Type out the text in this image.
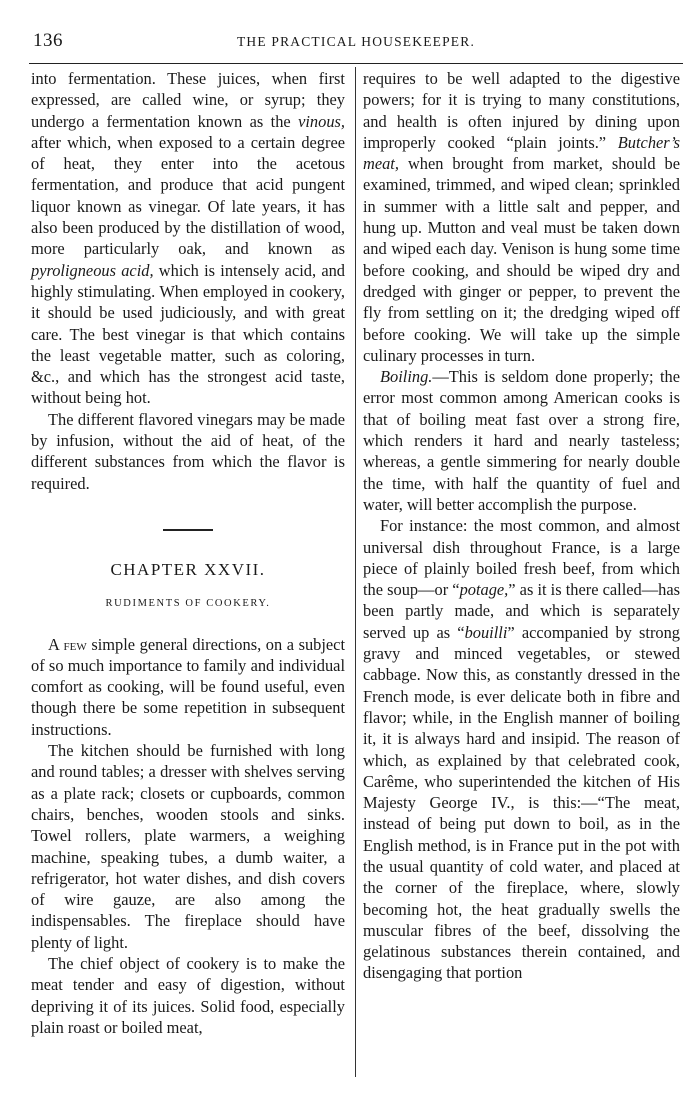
136	THE PRACTICAL HOUSEKEEPER.

into fermentation. These juices, when first expressed, are called wine, or syrup; they undergo a fermentation known as the vinous, after which, when exposed to a certain degree of heat, they enter into the acetous fermentation, and produce that acid pungent liquor known as vinegar. Of late years, it has also been produced by the distillation of wood, more particularly oak, and known as pyroligneous acid, which is intensely acid, and highly stimulating. When employed in cookery, it should be used judiciously, and with great care. The best vinegar is that which contains the least vegetable matter, such as coloring, &c., and which has the strongest acid taste, without being hot.

The different flavored vinegars may be made by infusion, without the aid of heat, of the different substances from which the flavor is required.

CHAPTER XXVII.
RUDIMENTS OF COOKERY.

A few simple general directions, on a subject of so much importance to family and individual comfort as cooking, will be found useful, even though there be some repetition in subsequent instructions.

The kitchen should be furnished with long and round tables; a dresser with shelves serving as a plate rack; closets or cupboards, common chairs, benches, wooden stools and sinks. Towel rollers, plate warmers, a weighing machine, speaking tubes, a dumb waiter, a refrigerator, hot water dishes, and dish covers of wire gauze, are also among the indispensables. The fireplace should have plenty of light.

The chief object of cookery is to make the meat tender and easy of digestion, without depriving it of its juices. Solid food, especially plain roast or boiled meat,

requires to be well adapted to the digestive powers; for it is trying to many constitutions, and health is often injured by dining upon improperly cooked “plain joints.” Butcher’s meat, when brought from market, should be examined, trimmed, and wiped clean; sprinkled in summer with a little salt and pepper, and hung up. Mutton and veal must be taken down and wiped each day. Venison is hung some time before cooking, and should be wiped dry and dredged with ginger or pepper, to prevent the fly from settling on it; the dredging wiped off before cooking. We will take up the simple culinary processes in turn.

Boiling.—This is seldom done properly; the error most common among American cooks is that of boiling meat fast over a strong fire, which renders it hard and nearly tasteless; whereas, a gentle simmering for nearly double the time, with half the quantity of fuel and water, will better accomplish the purpose.

For instance: the most common, and almost universal dish throughout France, is a large piece of plainly boiled fresh beef, from which the soup—or “potage,” as it is there called—has been partly made, and which is separately served up as “bouilli” accompanied by strong gravy and minced vegetables, or stewed cabbage. Now this, as constantly dressed in the French mode, is ever delicate both in fibre and flavor; while, in the English manner of boiling it, it is always hard and insipid. The reason of which, as explained by that celebrated cook, Carême, who superintended the kitchen of His Majesty George IV., is this:—“The meat, instead of being put down to boil, as in the English method, is in France put in the pot with the usual quantity of cold water, and placed at the corner of the fireplace, where, slowly becoming hot, the heat gradually swells the muscular fibres of the beef, dissolving the gelatinous substances therein contained, and disengaging that portion
